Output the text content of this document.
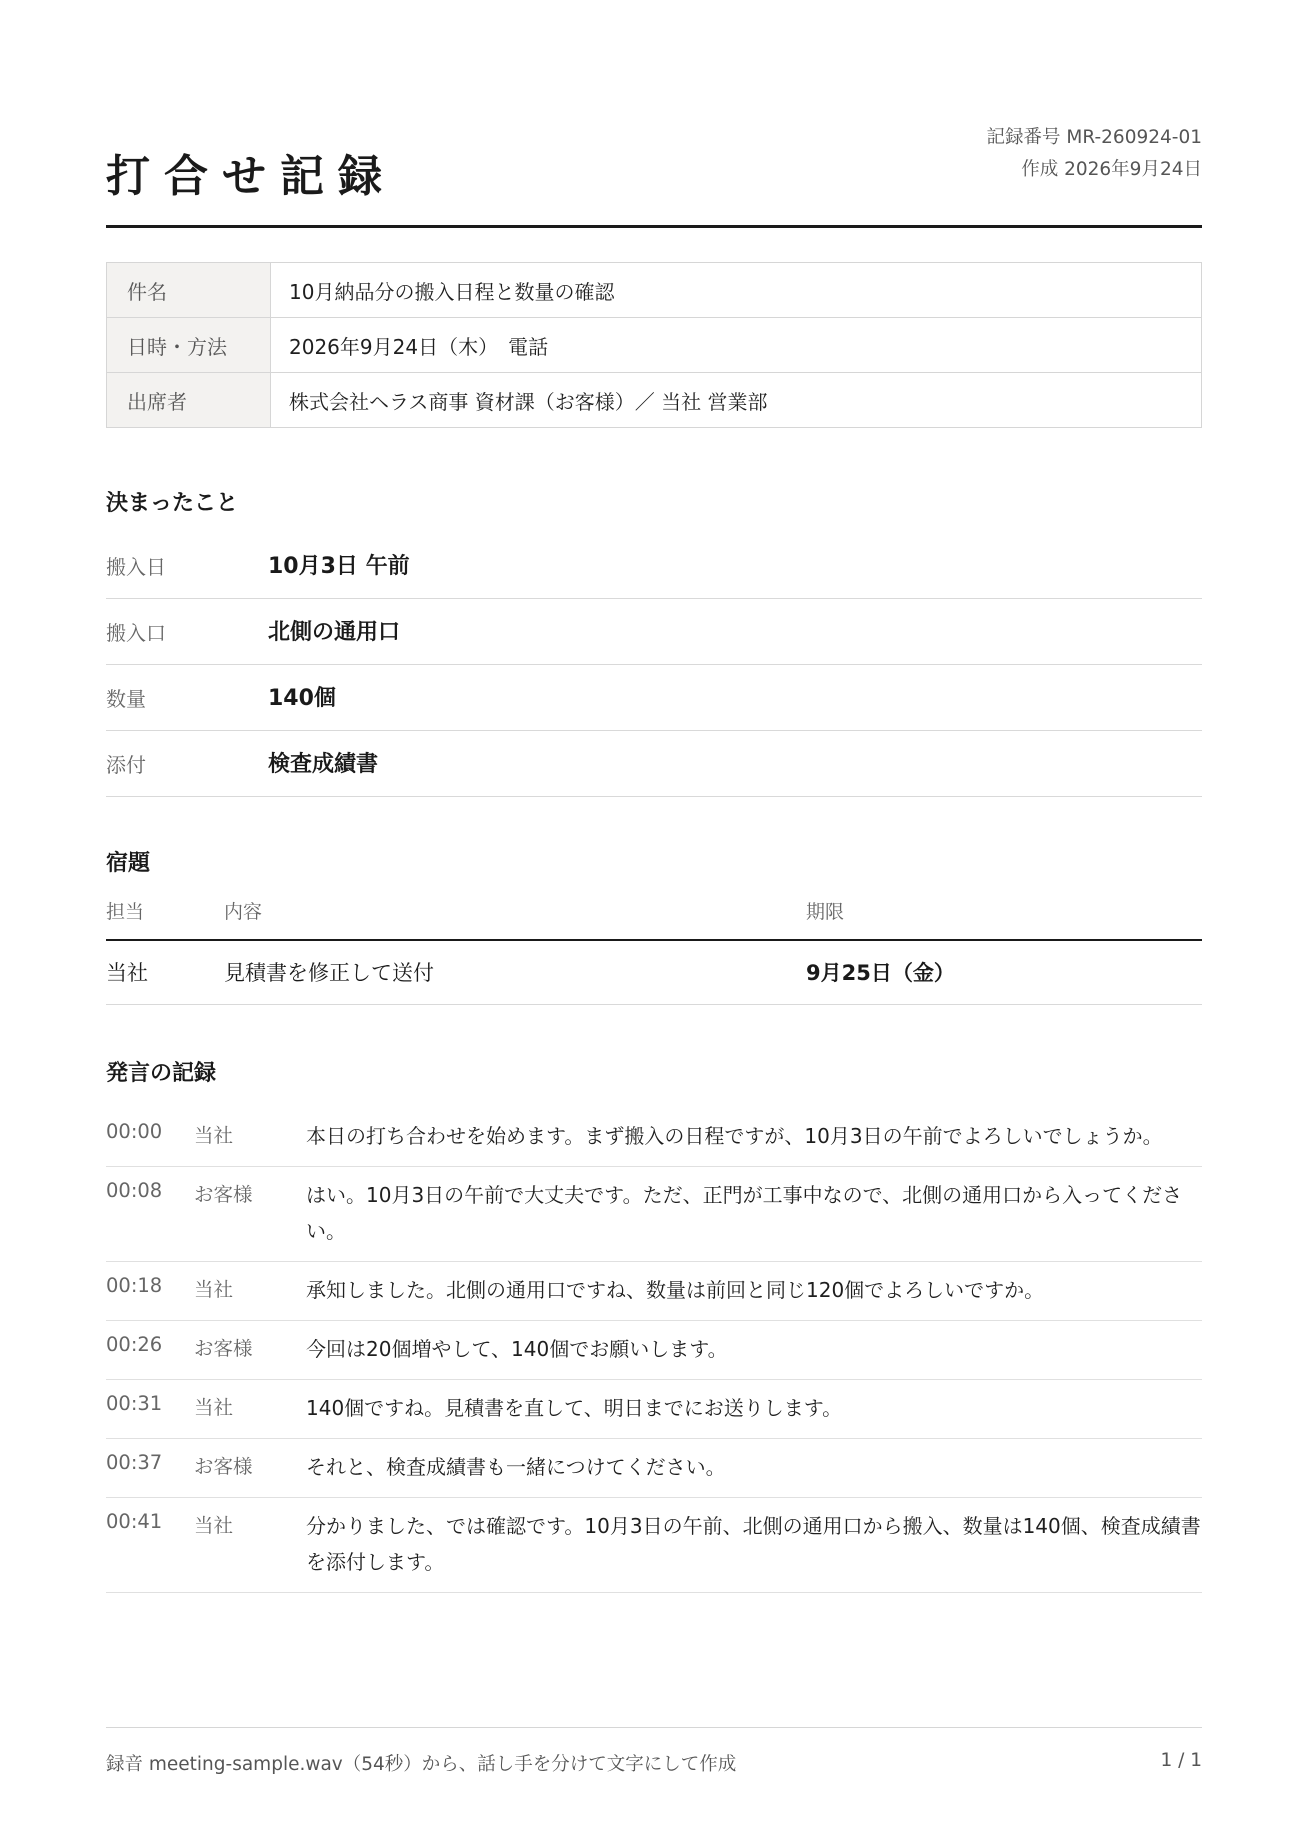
打合せ記録
記録番号 MR-260924-01
作成 2026年9月24日
件名	10月納品分の搬入日程と数量の確認
日時・方法	2026年9月24日（木）　電話
出席者	株式会社ヘラス商事 資材課（お客様）／ 当社 営業部
決まったこと
搬入日	10月3日 午前
搬入口	北側の通用口
数量	140個
添付	検査成績書
宿題
担当	内容	期限
当社	見積書を修正して送付	9月25日（金）
発言の記録
00:00 当社	本日の打ち合わせを始めます。まず搬入の日程ですが、10月3日の午前でよろしいでしょうか。
00:08 お客様	はい。10月3日の午前で大丈夫です。ただ、正門が工事中なので、北側の通用口から入ってください。
00:18 当社	承知しました。北側の通用口ですね、数量は前回と同じ120個でよろしいですか。
00:26 お客様	今回は20個増やして、140個でお願いします。
00:31 当社	140個ですね。見積書を直して、明日までにお送りします。
00:37 お客様	それと、検査成績書も一緒につけてください。
00:41 当社	分かりました、では確認です。10月3日の午前、北側の通用口から搬入、数量は140個、検査成績書を添付します。
録音 meeting-sample.wav（54秒）から、話し手を分けて文字にして作成	1 / 1
